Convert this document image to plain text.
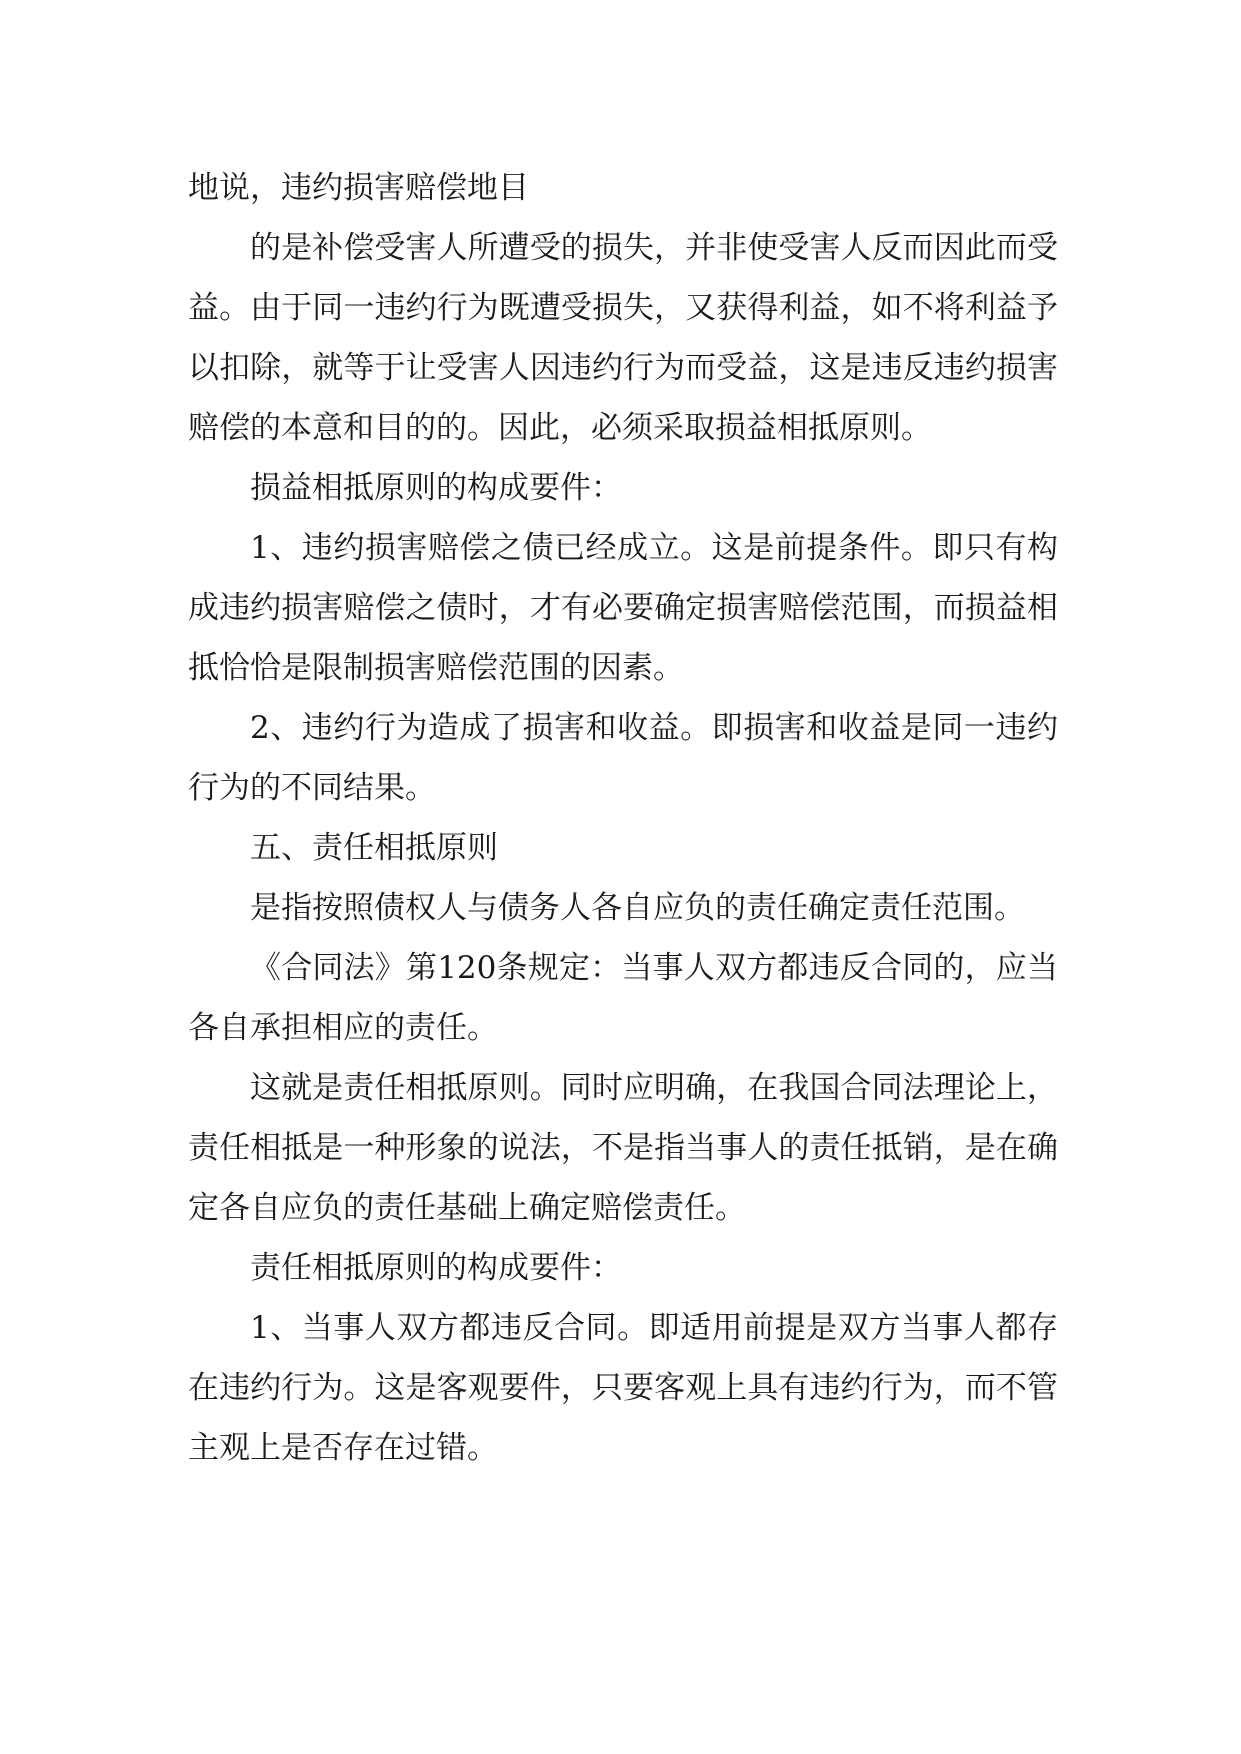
地说，违约损害赔偿地目

的是补偿受害人所遭受的损失，并非使受害人反而因此而受益。由于同一违约行为既遭受损失，又获得利益，如不将利益予以扣除，就等于让受害人因违约行为而受益，这是违反违约损害赔偿的本意和目的的。因此，必须采取损益相抵原则。

损益相抵原则的构成要件：

1、违约损害赔偿之债已经成立。这是前提条件。即只有构成违约损害赔偿之债时，才有必要确定损害赔偿范围，而损益相抵恰恰是限制损害赔偿范围的因素。

2、违约行为造成了损害和收益。即损害和收益是同一违约行为的不同结果。

五、责任相抵原则

是指按照债权人与债务人各自应负的责任确定责任范围。

《合同法》第120条规定：当事人双方都违反合同的，应当各自承担相应的责任。

这就是责任相抵原则。同时应明确，在我国合同法理论上，责任相抵是一种形象的说法，不是指当事人的责任抵销，是在确定各自应负的责任基础上确定赔偿责任。

责任相抵原则的构成要件：

1、当事人双方都违反合同。即适用前提是双方当事人都存在违约行为。这是客观要件，只要客观上具有违约行为，而不管主观上是否存在过错。
